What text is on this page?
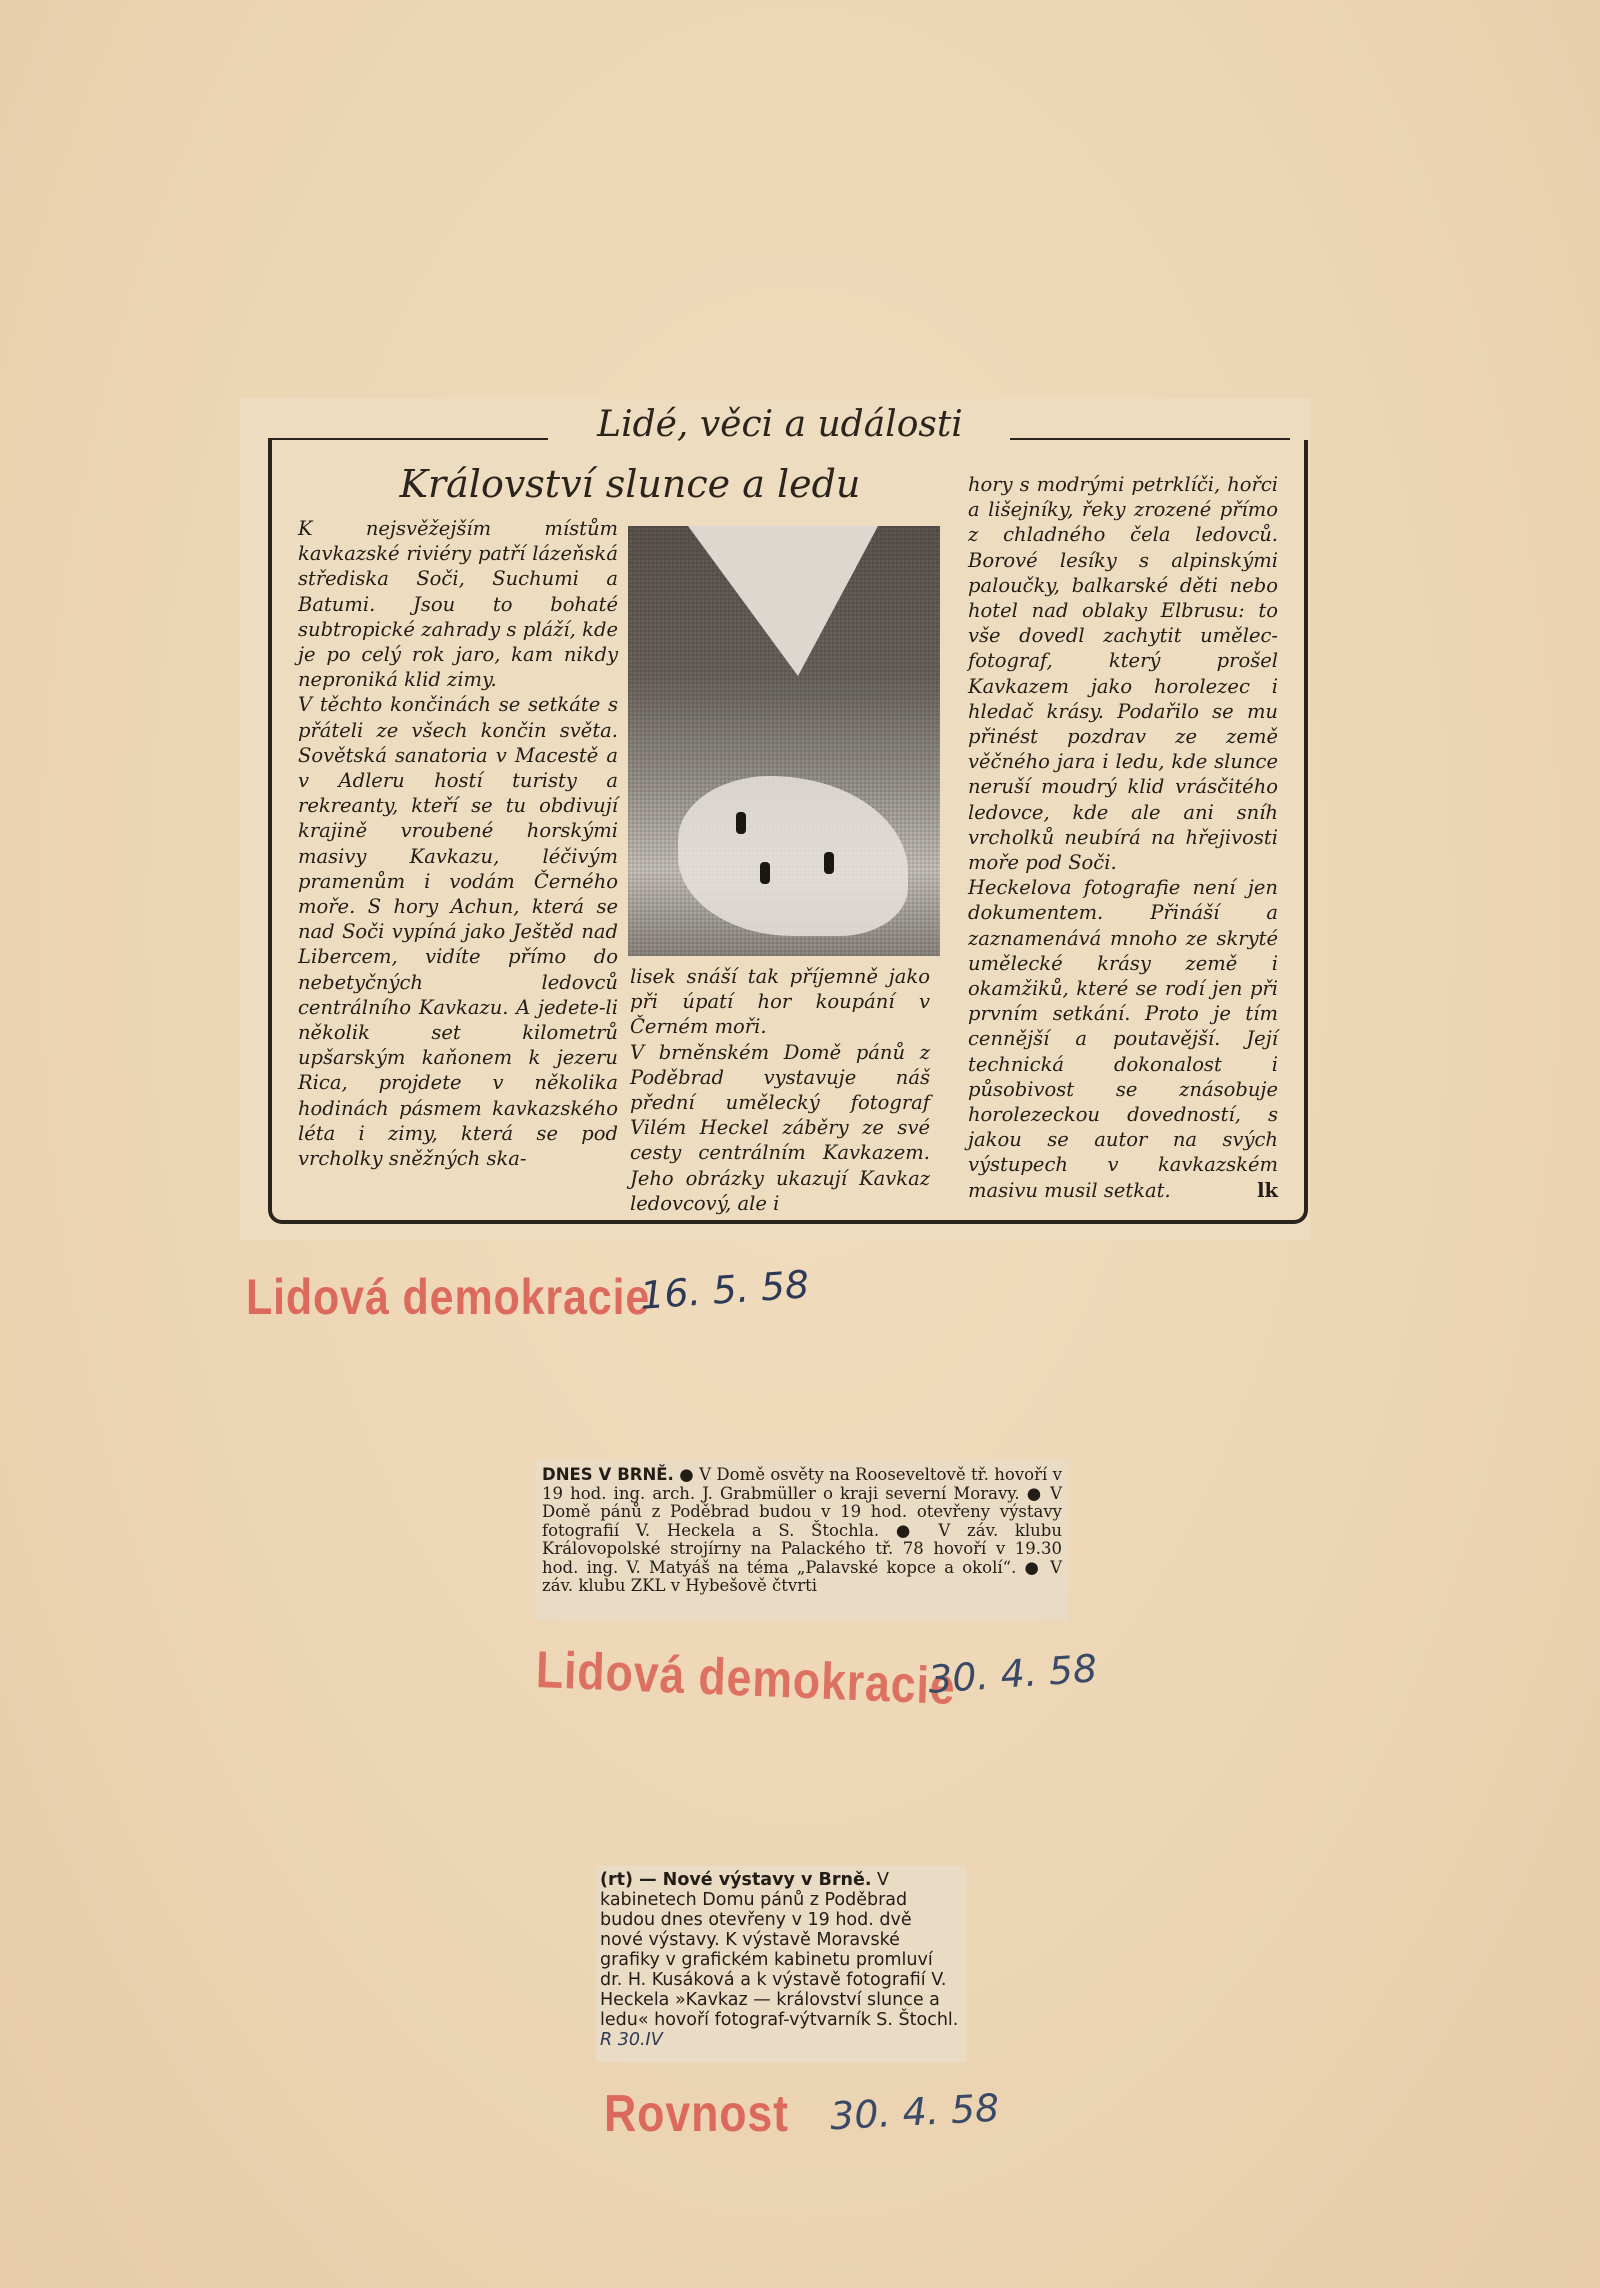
Lidé, věci a události
Království slunce a ledu
K nejsvěžejším místům kavkazské riviéry patří lázeňská střediska Soči, Suchumi a Batumi. Jsou to bohaté subtropické zahrady s pláží, kde je po celý rok jaro, kam nikdy neproniká klid zimy.
V těchto končinách se setkáte s přáteli ze všech končin světa. Sovětská sanatoria v Macestě a v Adleru hostí turisty a rekreanty, kteří se tu obdivují krajině vroubené horskými masivy Kavkazu, léčivým pramenům i vodám Černého moře. S hory Achun, která se nad Soči vypíná jako Ještěd nad Libercem, vidíte přímo do nebetyčných ledovců centrálního Kavkazu. A jedete-li několik set kilometrů upšarským kaňonem k jezeru Rica, projdete v několika hodinách pásmem kavkazského léta i zimy, která se pod vrcholky sněžných ska-
lisek snáší tak příjemně jako při úpatí hor koupání v Černém moři.
V brněnském Domě pánů z Poděbrad vystavuje náš přední umělecký fotograf Vilém Heckel záběry ze své cesty centrálním Kavkazem. Jeho obrázky ukazují Kavkaz ledovcový, ale i
hory s modrými petrklíči, hořci a lišejníky, řeky zrozené přímo z chladného čela ledovců. Borové lesíky s alpinskými paloučky, balkarské děti nebo hotel nad oblaky Elbrusu: to vše dovedl zachytit umělec-fotograf, který prošel Kavkazem jako horolezec i hledač krásy. Podařilo se mu přinést pozdrav ze země věčného jara i ledu, kde slunce neruší moudrý klid vrásčitého ledovce, kde ale ani sníh vrcholků neubírá na hřejivosti moře pod Soči.
Heckelova fotografie není jen dokumentem. Přináší a zaznamenává mnoho ze skryté umělecké krásy země i okamžiků, které se rodí jen při prvním setkání. Proto je tím cennější a poutavější. Její technická dokonalost i působivost se znásobuje horolezeckou dovedností, s jakou se autor na svých výstupech v kavkazském masivu musil setkat.	lk
Lidová demokracie
16. 5. 58
DNES V BRNĚ. ● V Domě osvěty na Rooseveltově tř. hovoří v 19 hod. ing. arch. J. Grabmüller o kraji severní Moravy. ● V Domě pánů z Poděbrad budou v 19 hod. otevřeny výstavy fotografií V. Heckela a S. Štochla. ● V záv. klubu Královopolské strojírny na Palackého tř. 78 hovoří v 19.30 hod. ing. V. Matyáš na téma „Palavské kopce a okolí“. ● V záv. klubu ZKL v Hybešově čtvrti
Lidová demokracie
30. 4. 58
(rt) — Nové výstavy v Brně. V kabinetech Domu pánů z Poděbrad budou dnes otevřeny v 19 hod. dvě nové výstavy. K výstavě Moravské grafiky v grafickém kabinetu promluví dr. H. Kusáková a k výstavě fotografií V. Heckela »Kavkaz — království slunce a ledu« hovoří fotograf-výtvarník S. Štochl. R 30.IV
Rovnost 30. 4. 58
